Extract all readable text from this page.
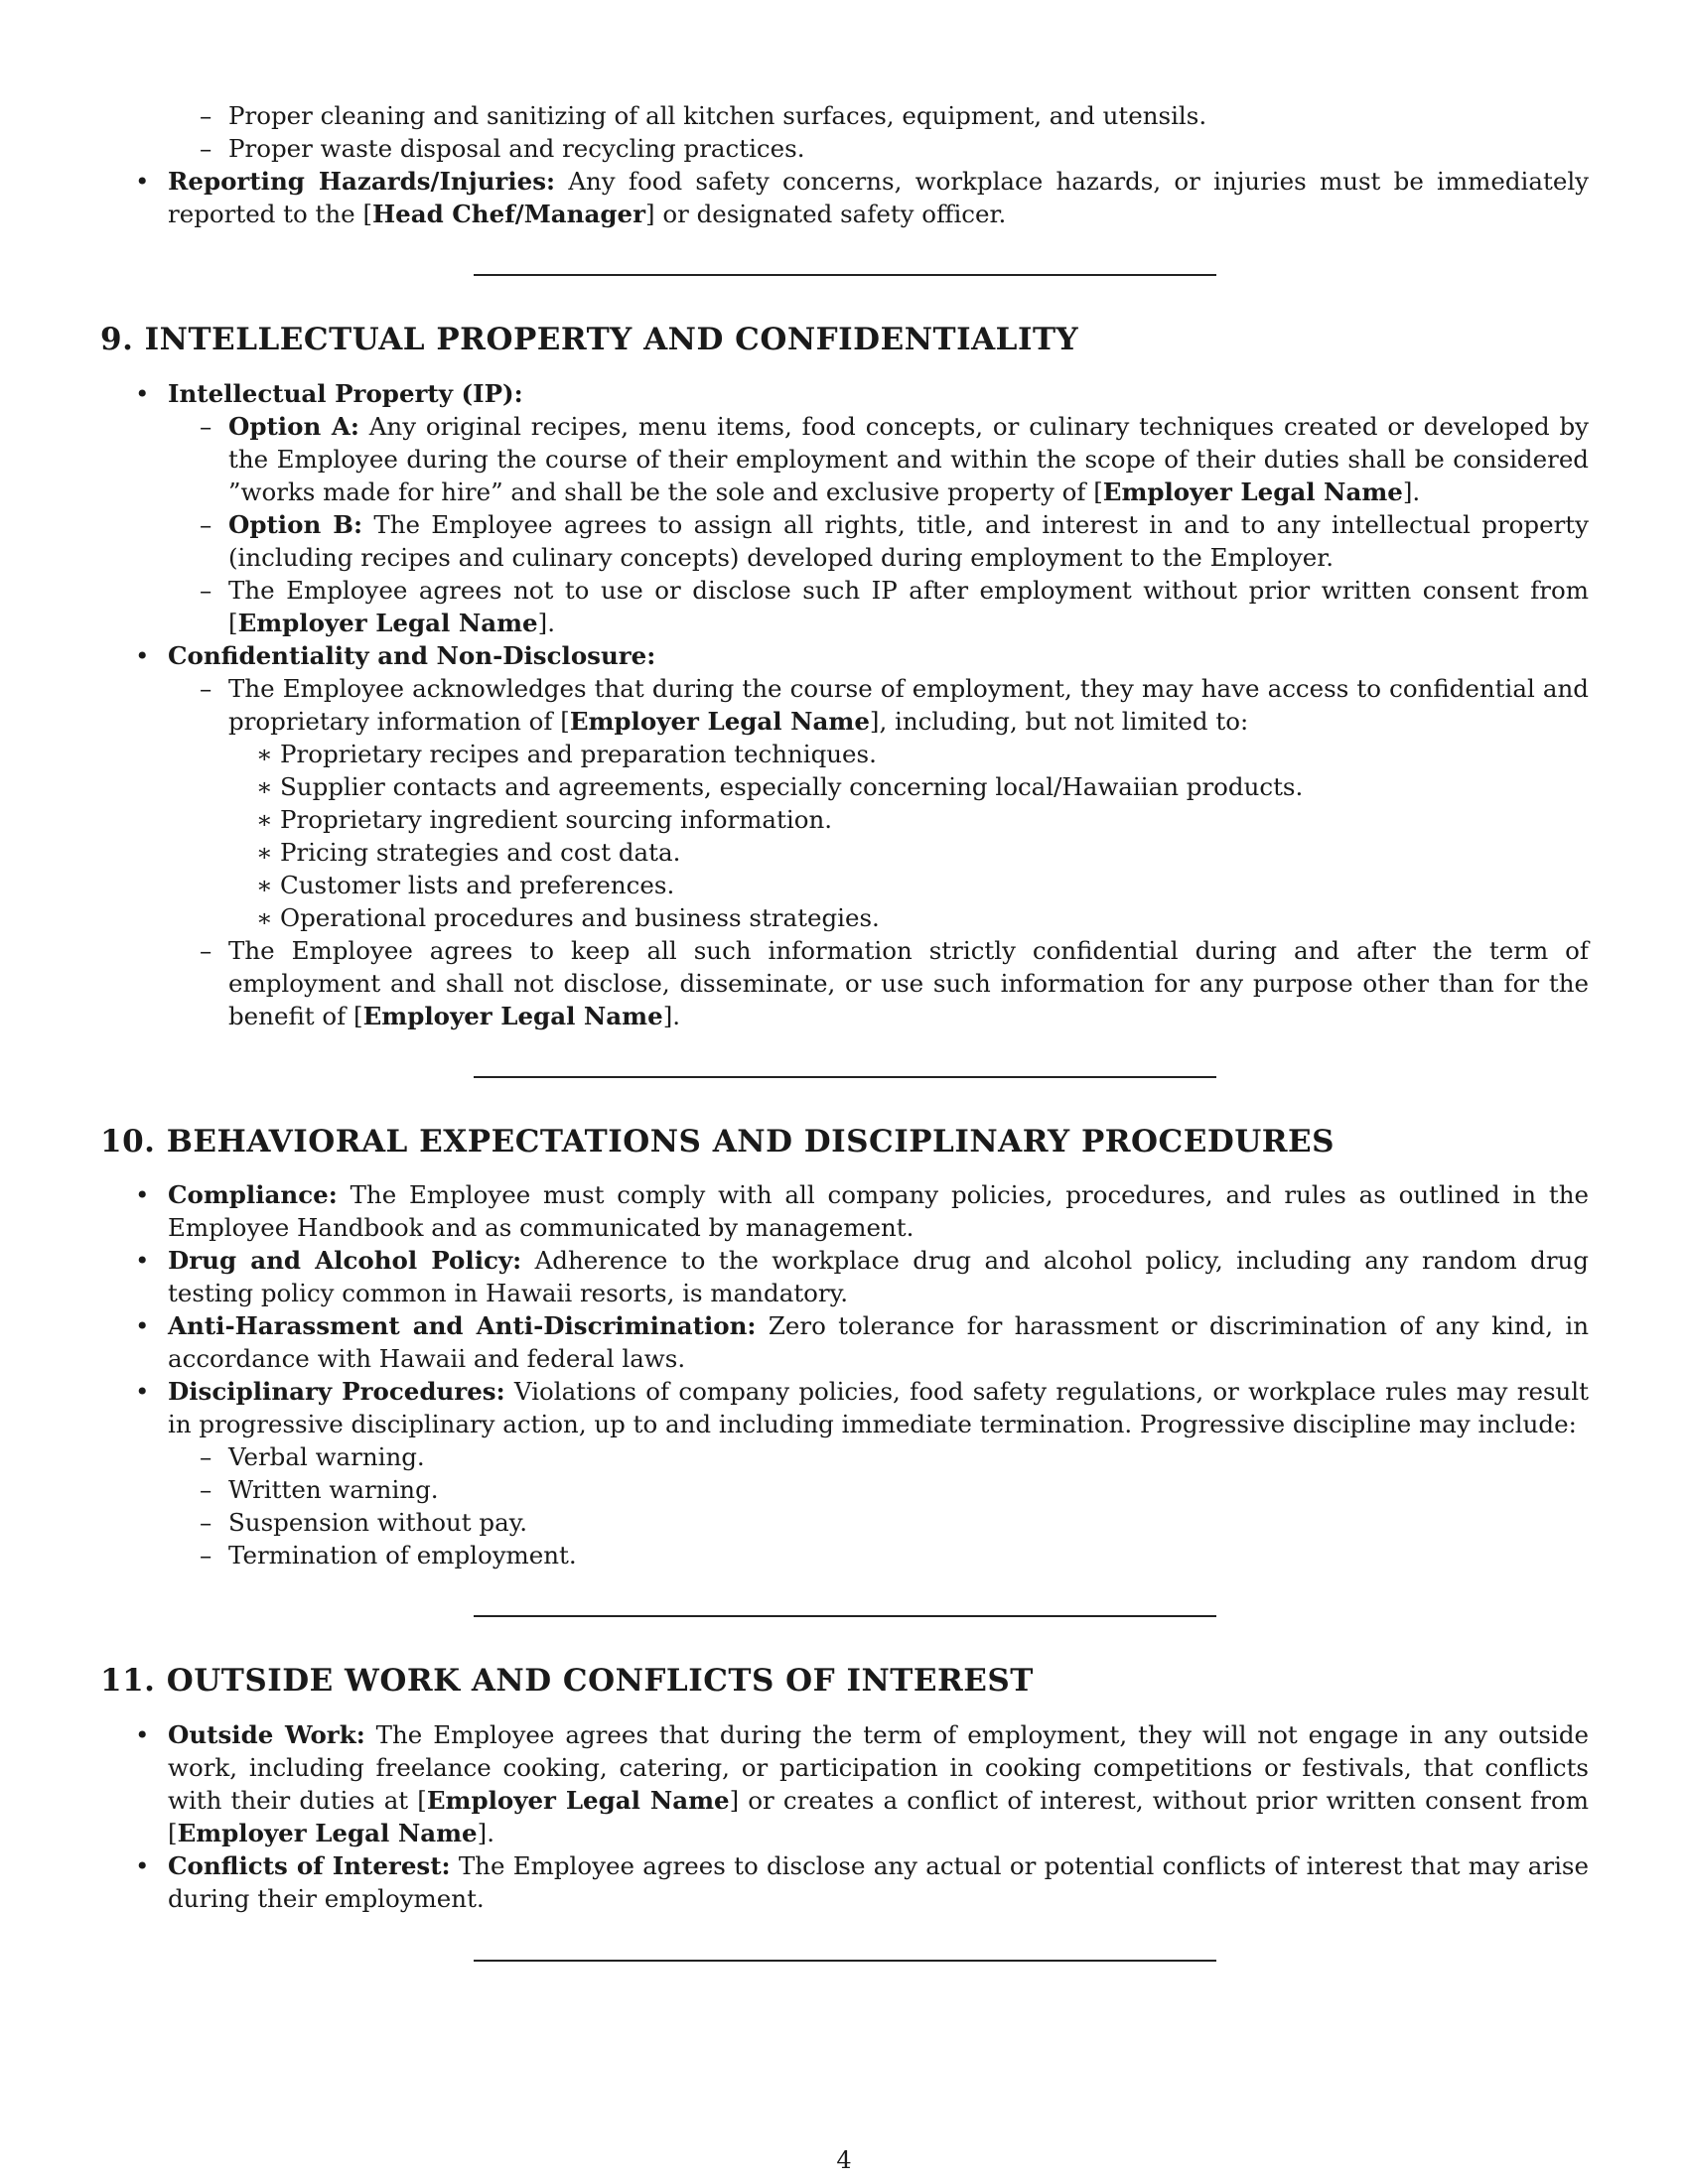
– Proper cleaning and sanitizing of all kitchen surfaces, equipment, and utensils.
– Proper waste disposal and recycling practices.
• Reporting Hazards/Injuries: Any food safety concerns, workplace hazards, or injuries must be immediately reported to the [Head Chef/Manager] or designated safety officer.
9. INTELLECTUAL PROPERTY AND CONFIDENTIALITY
• Intellectual Property (IP):
– Option A: Any original recipes, menu items, food concepts, or culinary techniques created or developed by the Employee during the course of their employment and within the scope of their duties shall be considered ”works made for hire” and shall be the sole and exclusive property of [Employer Legal Name].
– Option B: The Employee agrees to assign all rights, title, and interest in and to any intellectual property (including recipes and culinary concepts) developed during employment to the Employer.
– The Employee agrees not to use or disclose such IP after employment without prior written consent from [Employer Legal Name].
• Confidentiality and Non-Disclosure:
– The Employee acknowledges that during the course of employment, they may have access to confidential and proprietary information of [Employer Legal Name], including, but not limited to:
∗ Proprietary recipes and preparation techniques.
∗ Supplier contacts and agreements, especially concerning local/Hawaiian products.
∗ Proprietary ingredient sourcing information.
∗ Pricing strategies and cost data.
∗ Customer lists and preferences.
∗ Operational procedures and business strategies.
– The Employee agrees to keep all such information strictly confidential during and after the term of employment and shall not disclose, disseminate, or use such information for any purpose other than for the benefit of [Employer Legal Name].
10. BEHAVIORAL EXPECTATIONS AND DISCIPLINARY PROCEDURES
• Compliance: The Employee must comply with all company policies, procedures, and rules as outlined in the Employee Handbook and as communicated by management.
• Drug and Alcohol Policy: Adherence to the workplace drug and alcohol policy, including any random drug testing policy common in Hawaii resorts, is mandatory.
• Anti-Harassment and Anti-Discrimination: Zero tolerance for harassment or discrimination of any kind, in accordance with Hawaii and federal laws.
• Disciplinary Procedures: Violations of company policies, food safety regulations, or workplace rules may result in progressive disciplinary action, up to and including immediate termination. Progressive discipline may include:
– Verbal warning.
– Written warning.
– Suspension without pay.
– Termination of employment.
11. OUTSIDE WORK AND CONFLICTS OF INTEREST
• Outside Work: The Employee agrees that during the term of employment, they will not engage in any outside work, including freelance cooking, catering, or participation in cooking competitions or festivals, that conflicts with their duties at [Employer Legal Name] or creates a conflict of interest, without prior written consent from [Employer Legal Name].
• Conflicts of Interest: The Employee agrees to disclose any actual or potential conflicts of interest that may arise during their employment.
4
